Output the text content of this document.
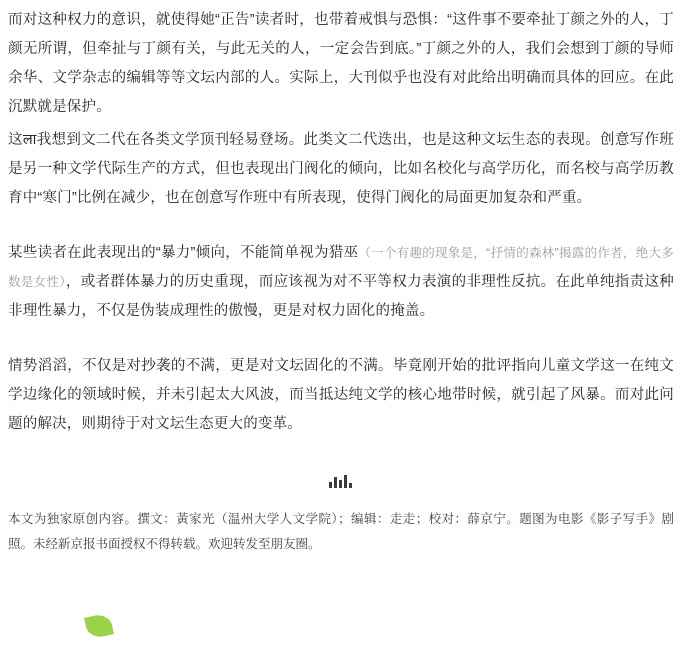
而对这种权力的意识，就使得她“正告”读者时，也带着戒惧与恐惧：“这件事不要牵扯丁颜之外的人，丁颜无所谓，但牵扯与丁颜有关，与此无关的人，一定会告到底。”丁颜之外的人，我们会想到丁颜的导师余华、文学杂志的编辑等等文坛内部的人。实际上，大刊似乎也没有对此给出明确而具体的回应。在此沉默就是保护。

这ला我想到文二代在各类文学顶刊轻易登场。此类文二代迭出，也是这种文坛生态的表现。创意写作班是另一种文学代际生产的方式，但也表现出门阀化的倾向，比如名校化与高学历化，而名校与高学历教育中“寒门”比例在减少，也在创意写作班中有所表现，使得门阀化的局面更加复杂和严重。

某些读者在此表现出的“暴力”倾向，不能简单视为猎巫（一个有趣的现象是，“抒情的森林”揭露的作者，绝大多数是女性），或者群体暴力的历史重现，而应该视为对不平等权力表演的非理性反抗。在此单纯指责这种非理性暴力，不仅是伪装成理性的傲慢，更是对权力固化的掩盖。

情势滔滔，不仅是对抄袭的不满，更是对文坛固化的不满。毕竟刚开始的批评指向儿童文学这一在纯文学边缘化的领域时候，并未引起太大风波，而当抵达纯文学的核心地带时候，就引起了风暴。而对此问题的解决，则期待于对文坛生态更大的变革。

本文为独家原创内容。撰文：黃家光（温州大学人文学院）；编辑：走走；校对：薛京宁。题图为电影《影子写手》剧照。未经新京报书面授权不得转载。欢迎转发至朋友圈。
